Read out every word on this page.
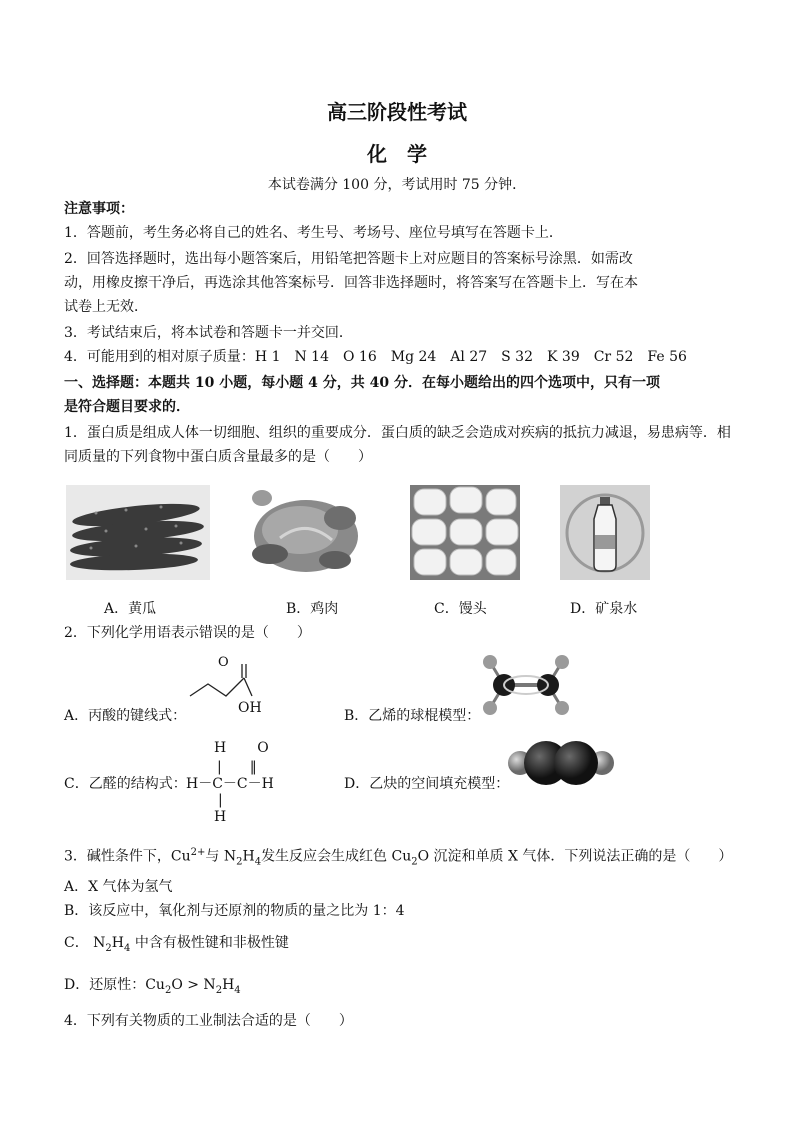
高三阶段性考试
化　学
本试卷满分 100 分，考试用时 75 分钟．
注意事项：
1．答题前，考生务必将自己的姓名、考生号、考场号、座位号填写在答题卡上．
2．回答选择题时，选出每小题答案后，用铅笔把答题卡上对应题目的答案标号涂黑．如需改
动，用橡皮擦干净后，再选涂其他答案标号．回答非选择题时，将答案写在答题卡上．写在本
试卷上无效．
3．考试结束后，将本试卷和答题卡一并交回．
4．可能用到的相对原子质量：H 1　N 14　O 16　Mg 24　Al 27　S 32　K 39　Cr 52　Fe 56
一、选择题：本题共 10 小题，每小题 4 分，共 40 分．在每小题给出的四个选项中，只有一项
是符合题目要求的．
1．蛋白质是组成人体一切细胞、组织的重要成分．蛋白质的缺乏会造成对疾病的抵抗力减退，易患病等．相
同质量的下列食物中蛋白质含量最多的是（　　）
A．黄瓜	B．鸡肉	C．馒头	D．矿泉水
2．下列化学用语表示错误的是（　　）
A．丙酸的键线式：	OH
O
B．乙烯的球棍模型：
C．乙醛的结构式：
H　　O
|　　‖
H－C－C－H
|
H
D．乙炔的空间填充模型：
3．碱性条件下，$Cu^{2+}$与 $N_2H_4$发生反应会生成红色 $Cu_2O$ 沉淀和单质 X 气体．下列说法正确的是（　　）
A．X 气体为氢气
B．该反应中，氧化剂与还原剂的物质的量之比为 1：4
C． $N_2H_4$ 中含有极性键和非极性键
D．还原性：$Cu_2O > N_2H_4$
4．下列有关物质的工业制法合适的是（　　）
